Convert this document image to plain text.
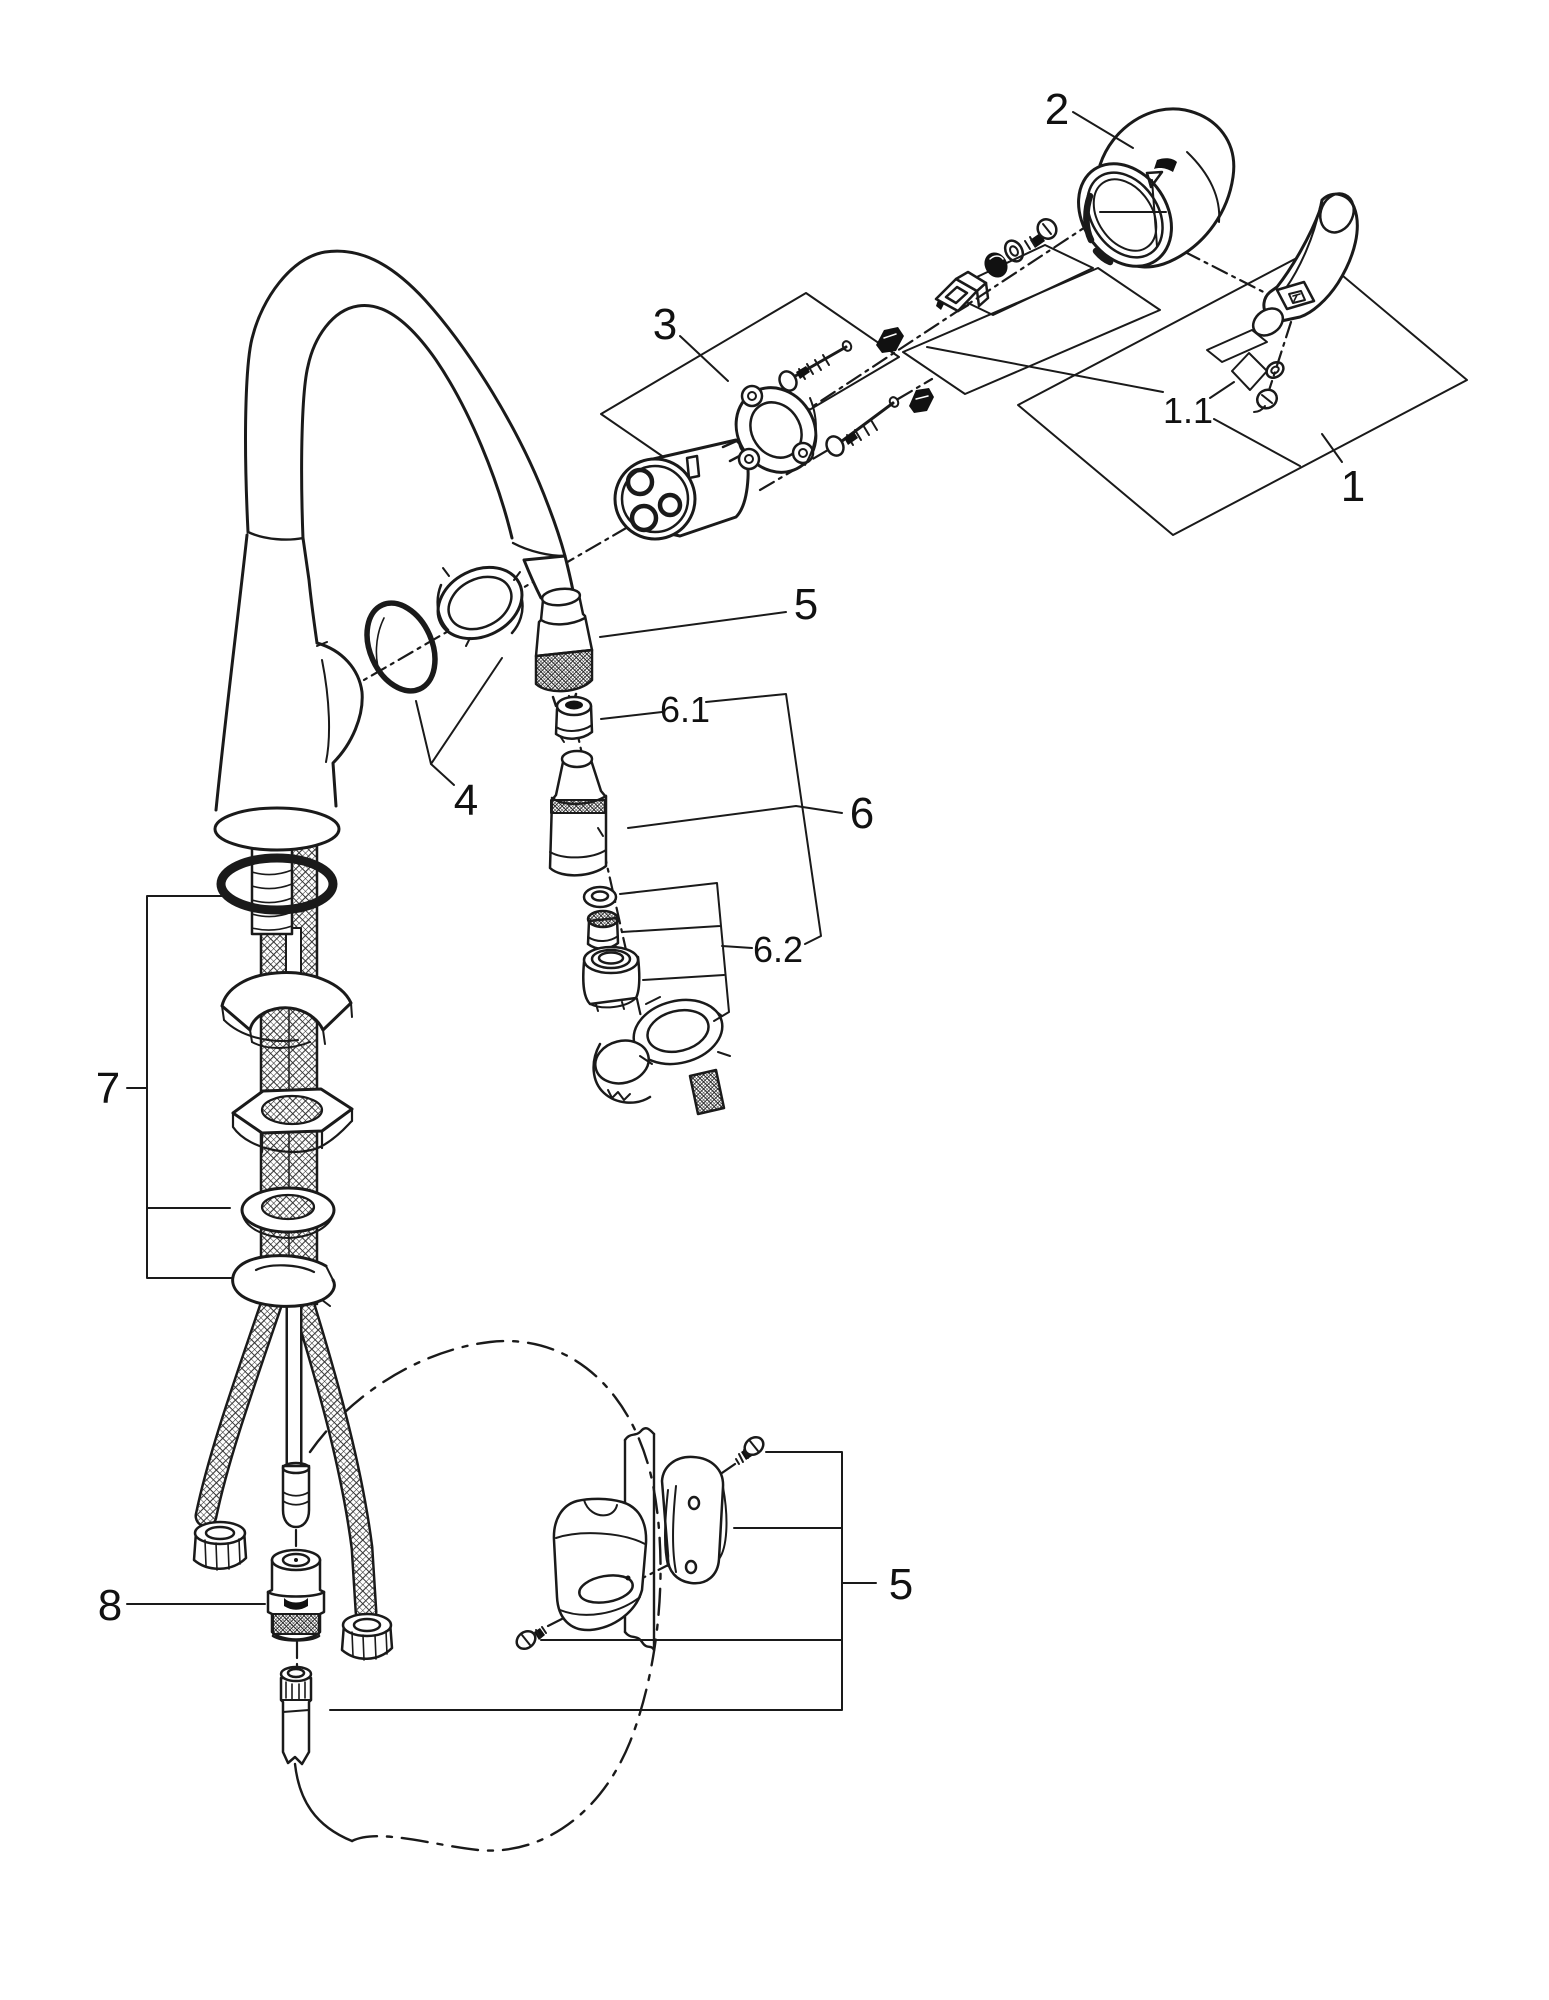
2
3
1.1
1
5
6.1
6
6.2
4
7
8	5
